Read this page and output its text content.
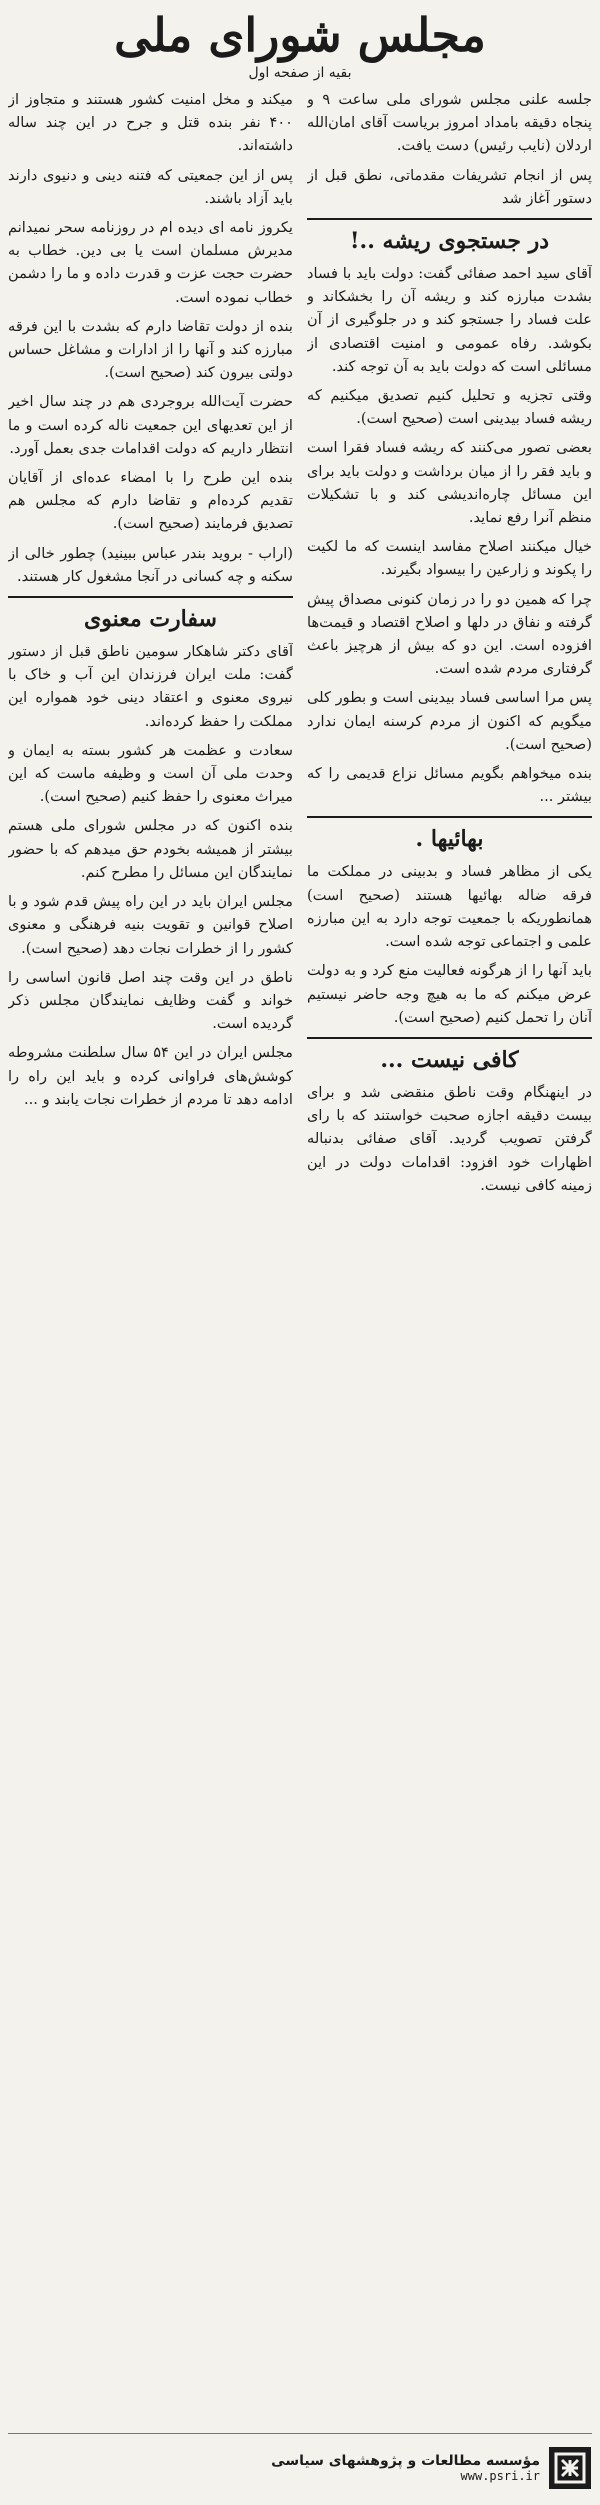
مجلس شورای ملی
بقیه از صفحه اول

جلسه علنی مجلس شورای ملی ساعت ۹ و پنجاه دقیقه بامداد امروز بریاست آقای امان‌الله اردلان (نایب رئیس) دست یافت.

پس از انجام تشریفات مقدماتی، نطق قبل از دستور آغاز شد

در جستجوی ریشه ..!

آقای سید احمد صفائی گفت: دولت باید با فساد بشدت مبارزه کند و ریشه آن را بخشکاند و علت فساد را جستجو کند و در جلوگیری از آن بکوشد. رفاه عمومی و امنیت اقتصادی از مسائلی است که دولت باید به آن توجه کند.

وقتی تجزیه و تحلیل کنیم تصدیق میکنیم که ریشه فساد بیدینی است (صحیح است).

بعضی تصور می‌کنند که ریشه فساد فقرا است و باید فقر را از میان برداشت و دولت باید برای این مسائل چاره‌اندیشی کند و با تشکیلات منظم آنرا رفع نماید.

خیال میکنند اصلاح مفاسد اینست که ما لکیت را پکوند و زارعین را بیسواد بگیرند.

چرا که همین دو را در زمان کنونی مصداق پیش گرفته و نفاق در دلها و اصلاح اقتصاد و قیمت‌ها افزوده است. این دو که بیش از هرچیز باعث گرفتاری مردم شده است.

پس مرا اساسی فساد بیدینی است و بطور کلی میگویم که اکنون از مردم کرسنه ایمان ندارد (صحیح است).

بنده میخواهم بگویم مسائل نزاع قدیمی را که بیشتر ...

بهائیها .

یکی از مظاهر فساد و بدبینی در مملکت ما فرقه ضاله بهائیها هستند (صحیح است) همانطوریکه با جمعیت توجه دارد به این مبارزه علمی و اجتماعی توجه شده است.

باید آنها را از هرگونه فعالیت منع کرد و به دولت عرض میکنم که ما به هیچ وجه حاضر نیستیم آنان را تحمل کنیم (صحیح است).

کافی نیست ...

در اینهنگام وقت ناطق منقضی شد و برای بیست دقیقه اجازه صحبت خواستند که با رای گرفتن تصویب گردید. آقای صفائی بدنباله اظهارات خود افزود: اقدامات دولت در این زمینه کافی نیست.

میکند و مخل امنیت کشور هستند و متجاوز از ۴۰۰ نفر بنده قتل و جرح در این چند ساله داشته‌اند.

پس از این جمعیتی که فتنه دینی و دنیوی دارند باید آزاد باشند.

یکروز نامه ای دیده ام در روزنامه سحر نمیدانم مدیرش مسلمان است یا بی دین. خطاب به حضرت حجت عزت و قدرت داده و ما را دشمن خطاب نموده است.

بنده از دولت تقاضا دارم که بشدت با این فرقه مبارزه کند و آنها را از ادارات و مشاغل حساس دولتی بیرون کند (صحیح است).

حضرت آیت‌الله بروجردی هم در چند سال اخیر از این تعدیهای این جمعیت ناله کرده است و ما انتظار داریم که دولت اقدامات جدی بعمل آورد.

بنده این طرح را با امضاء عده‌ای از آقایان تقدیم کرده‌ام و تقاضا دارم که مجلس هم تصدیق فرمایند (صحیح است).

(اراب - بروید بندر عباس ببینید) چطور خالی از سکنه و چه کسانی در آنجا مشغول کار هستند.

سفارت معنوی

آقای دکتر شاهکار سومین ناطق قبل از دستور گفت: ملت ایران فرزندان این آب و خاک با نیروی معنوی و اعتقاد دینی خود همواره این مملکت را حفظ کرده‌اند.

سعادت و عظمت هر کشور بسته به ایمان و وحدت ملی آن است و وظیفه ماست که این میراث معنوی را حفظ کنیم (صحیح است).

بنده اکنون که در مجلس شورای ملی هستم بیشتر از همیشه بخودم حق میدهم که با حضور نمایندگان این مسائل را مطرح کنم.

مجلس ایران باید در این راه پیش قدم شود و با اصلاح قوانین و تقویت بنیه فرهنگی و معنوی کشور را از خطرات نجات دهد (صحیح است).

ناطق در این وقت چند اصل قانون اساسی را خواند و گفت وظایف نمایندگان مجلس ذکر گردیده است.

مجلس ایران در این ۵۴ سال سلطنت مشروطه کوشش‌های فراوانی کرده و باید این راه را ادامه دهد تا مردم از خطرات نجات یابند و ...

مؤسسه مطالعات و پژوهشهای سیاسی
www.psri.ir
